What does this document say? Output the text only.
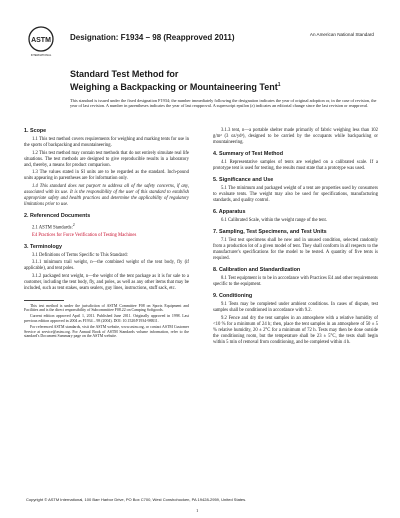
ASTM
INTERNATIONAL
Designation: F1934 – 98 (Reapproved 2011)	An American National Standard
Standard Test Method for
Weighing a Backpacking or Mountaineering Tent$^1$
This standard is issued under the fixed designation F1934; the number immediately following the designation indicates the year of original adoption or, in the case of revision, the year of last revision. A number in parentheses indicates the year of last reapproval. A superscript epsilon (ε) indicates an editorial change since the last revision or reapproval.
1. Scope
1.1 This test method covers requirements for weighing and marking tents for use in the sports of backpacking and mountaineering.
1.2 This test method may contain test methods that do not entirely simulate real life situations. The test methods are designed to give reproducible results in a laboratory and, thereby, a means for product comparison.
1.3 The values stated in SI units are to be regarded as the standard. Inch-pound units appearing in parentheses are for information only.
1.4 This standard does not purport to address all of the safety concerns, if any, associated with its use. It is the responsibility of the user of this standard to establish appropriate safety and health practices and determine the applicability of regulatory limitations prior to use.
2. Referenced Documents
2.1 ASTM Standards:$^2$
E4 Practices for Force Verification of Testing Machines
3. Terminology
3.1 Definitions of Terms Specific to This Standard:
3.1.1 minimum trail weight, n—the combined weight of the tent body, fly (if applicable), and tent poles.
3.1.2 packaged tent weight, n—the weight of the tent package as it is for sale to a customer, including the tent body, fly, and poles, as well as any other items that may be included, such as tent stakes, seam sealers, guy lines, instructions, stuff sack, etc.
This test method is under the jurisdiction of ASTM Committee F08 on Sports Equipment and Facilities and is the direct responsibility of Subcommittee F08.22 on Camping Softgoods.
Current edition approved April 1, 2011. Published June 2011. Originally approved in 1998. Last previous edition approved in 2004 as F1934 – 98 (2004). DOI: 10.1520/F1934-98R11.
For referenced ASTM standards, visit the ASTM website, www.astm.org, or contact ASTM Customer Service at service@astm.org. For Annual Book of ASTM Standards volume information, refer to the standard's Document Summary page on the ASTM website.
3.1.3 tent, n—a portable shelter made primarily of fabric weighing less than 102 g/m² (3 oz/yd²), designed to be carried by the occupants while backpacking or mountaineering.
4. Summary of Test Method
4.1 Representative samples of tents are weighed on a calibrated scale. If a prototype tent is used for testing, the results must state that a prototype was used.
5. Significance and Use
5.1 The minimum and packaged weight of a tent are properties used by consumers to evaluate tents. The weight may also be used for specifications, manufacturing standards, and quality control.
6. Apparatus
6.1 Calibrated Scale, within the weight range of the tent.
7. Sampling, Test Specimens, and Test Units
7.1 Test test specimens shall be new and in unused condition, selected randomly from a production lot of a given model of tent. They shall conform in all respects to the manufacturer's specifications for the model to be tested. A quantity of five tents is required.
8. Calibration and Standardization
8.1 Test equipment is to be in accordance with Practices E4 and other requirements specific to the equipment.
9. Conditioning
9.1 Tests may be completed under ambient conditions. In cases of dispute, test samples shall be conditioned in accordance with 9.2.
9.2 Fence and dry the tent samples in an atmosphere with a relative humidity of <10 % for a minimum of 24 h; then, place the tent samples in an atmosphere of 50 ± 5 % relative humidity, 20 ± 2°C for a minimum of 72 h. Tests may then be done outside the conditioning room, but the temperature shall be 23 ± 5°C, the tests shall begin within 5 min of removal from conditioning, and be completed within 4 h.
Copyright © ASTM International, 100 Barr Harbor Drive, PO Box C700, West Conshohocken, PA 19428-2959, United States.
1
